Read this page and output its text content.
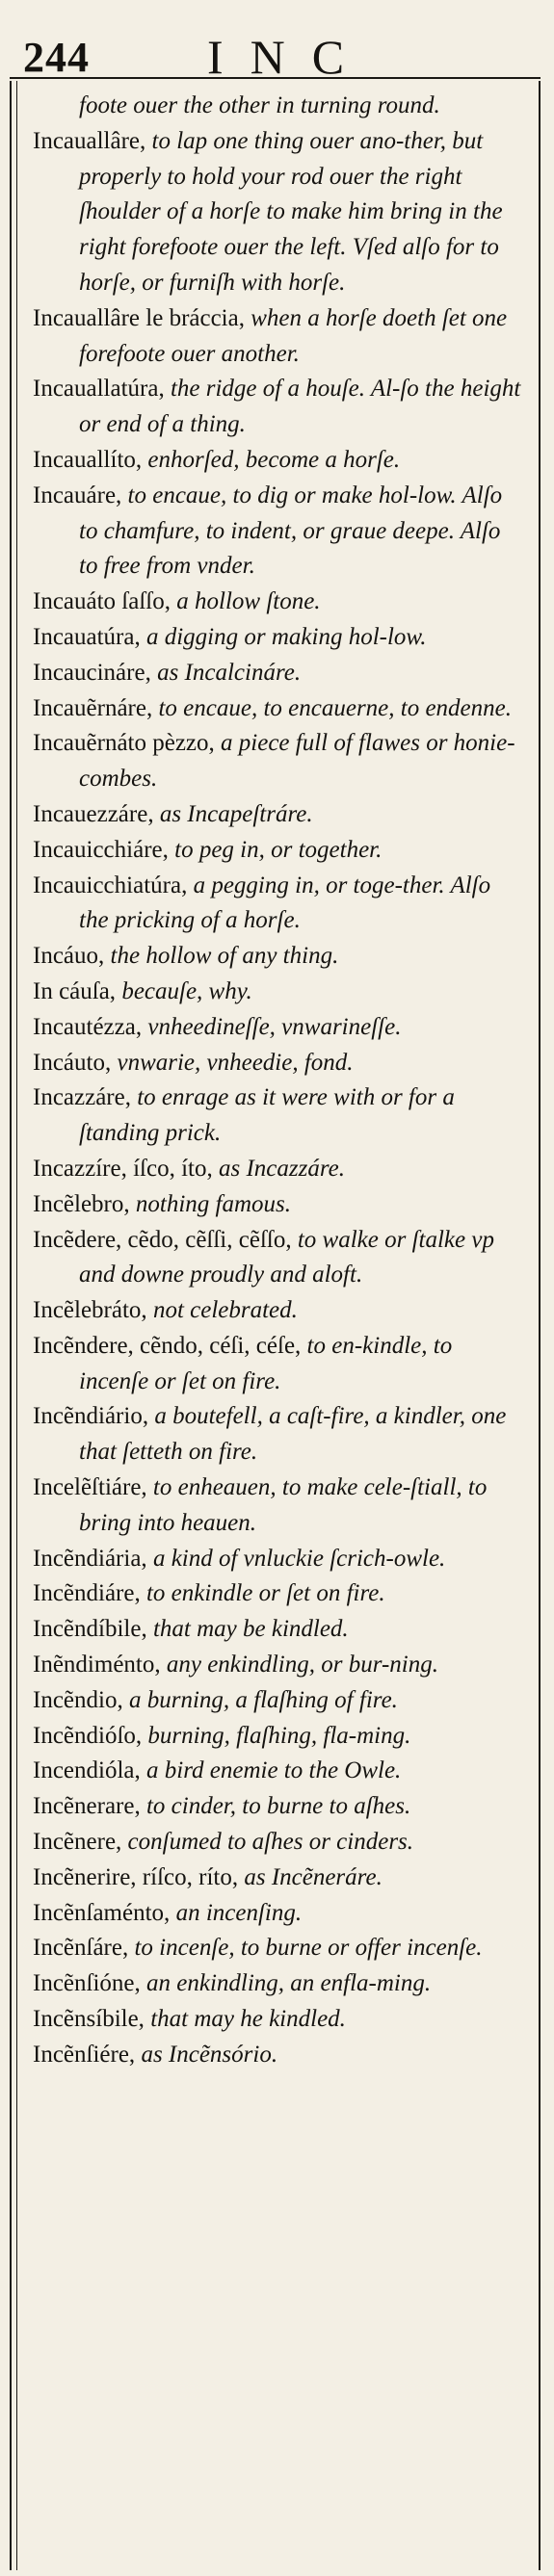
244 INC

foote ouer the other in turning round.

Incauallâre, to lap one thing ouer ano-ther, but properly to hold your rod ouer the right ſhoulder of a horſe to make him bring in the right forefoote ouer the left. Vſed alſo for to horſe, or furniſh with horſe.

Incauallâre le bráccia, when a horſe doeth ſet one forefoote ouer another.

Incauallatúra, the ridge of a houſe. Al-ſo the height or end of a thing.

Incauallíto, enhorſed, become a horſe.

Incauáre, to encaue, to dig or make hol-low. Alſo to chamfure, to indent, or graue deepe. Alſo to free from vnder.

Incauáto ſaſſo, a hollow ſtone.

Incauatúra, a digging or making hol-low.

Incaucináre, as Incalcináre.

Incauẽrnáre, to encaue, to encauerne, to endenne.

Incauẽrnáto pèzzo, a piece full of flawes or honie-combes.

Incauezzáre, as Incapeſtráre.

Incauicchiáre, to peg in, or together.

Incauicchiatúra, a pegging in, or toge-ther. Alſo the pricking of a horſe.

Incáuo, the hollow of any thing.

In cáuſa, becauſe, why.

Incautézza, vnheedineſſe, vnwarineſſe.

Incáuto, vnwarie, vnheedie, fond.

Incazzáre, to enrage as it were with or for a ſtanding prick.

Incazzíre, íſco, íto, as Incazzáre.

Incẽlebro, nothing famous.

Incẽdere, cẽdo, cẽſſi, cẽſſo, to walke or ſtalke vp and downe proudly and aloft.

Incẽlebráto, not celebrated.

Incẽndere, cẽndo, céſi, céſe, to en-kindle, to incenſe or ſet on fire.

Incẽndiário, a boutefell, a caſt-fire, a kindler, one that ſetteth on fire.

Incelẽſtiáre, to enheauen, to make cele-ſtiall, to bring into heauen.

Incẽndiária, a kind of vnluckie ſcrich-owle.

Incẽndiáre, to enkindle or ſet on fire.

Incẽndíbile, that may be kindled.

Inẽndiménto, any enkindling, or bur-ning.

Incẽndio, a burning, a flaſhing of fire.

Incẽndióſo, burning, flaſhing, fla-ming.

Incendióla, a bird enemie to the Owle.

Incẽnerare, to cinder, to burne to aſhes.

Incẽnere, conſumed to aſhes or cinders.

Incẽnerire, ríſco, ríto, as Incẽneráre.

Incẽnſaménto, an incenſing.

Incẽnſáre, to incenſe, to burne or offer incenſe.

Incẽnſióne, an enkindling, an enfla-ming.

Incẽnsíbile, that may he kindled.

Incẽnſiére, as Incẽnsório.
